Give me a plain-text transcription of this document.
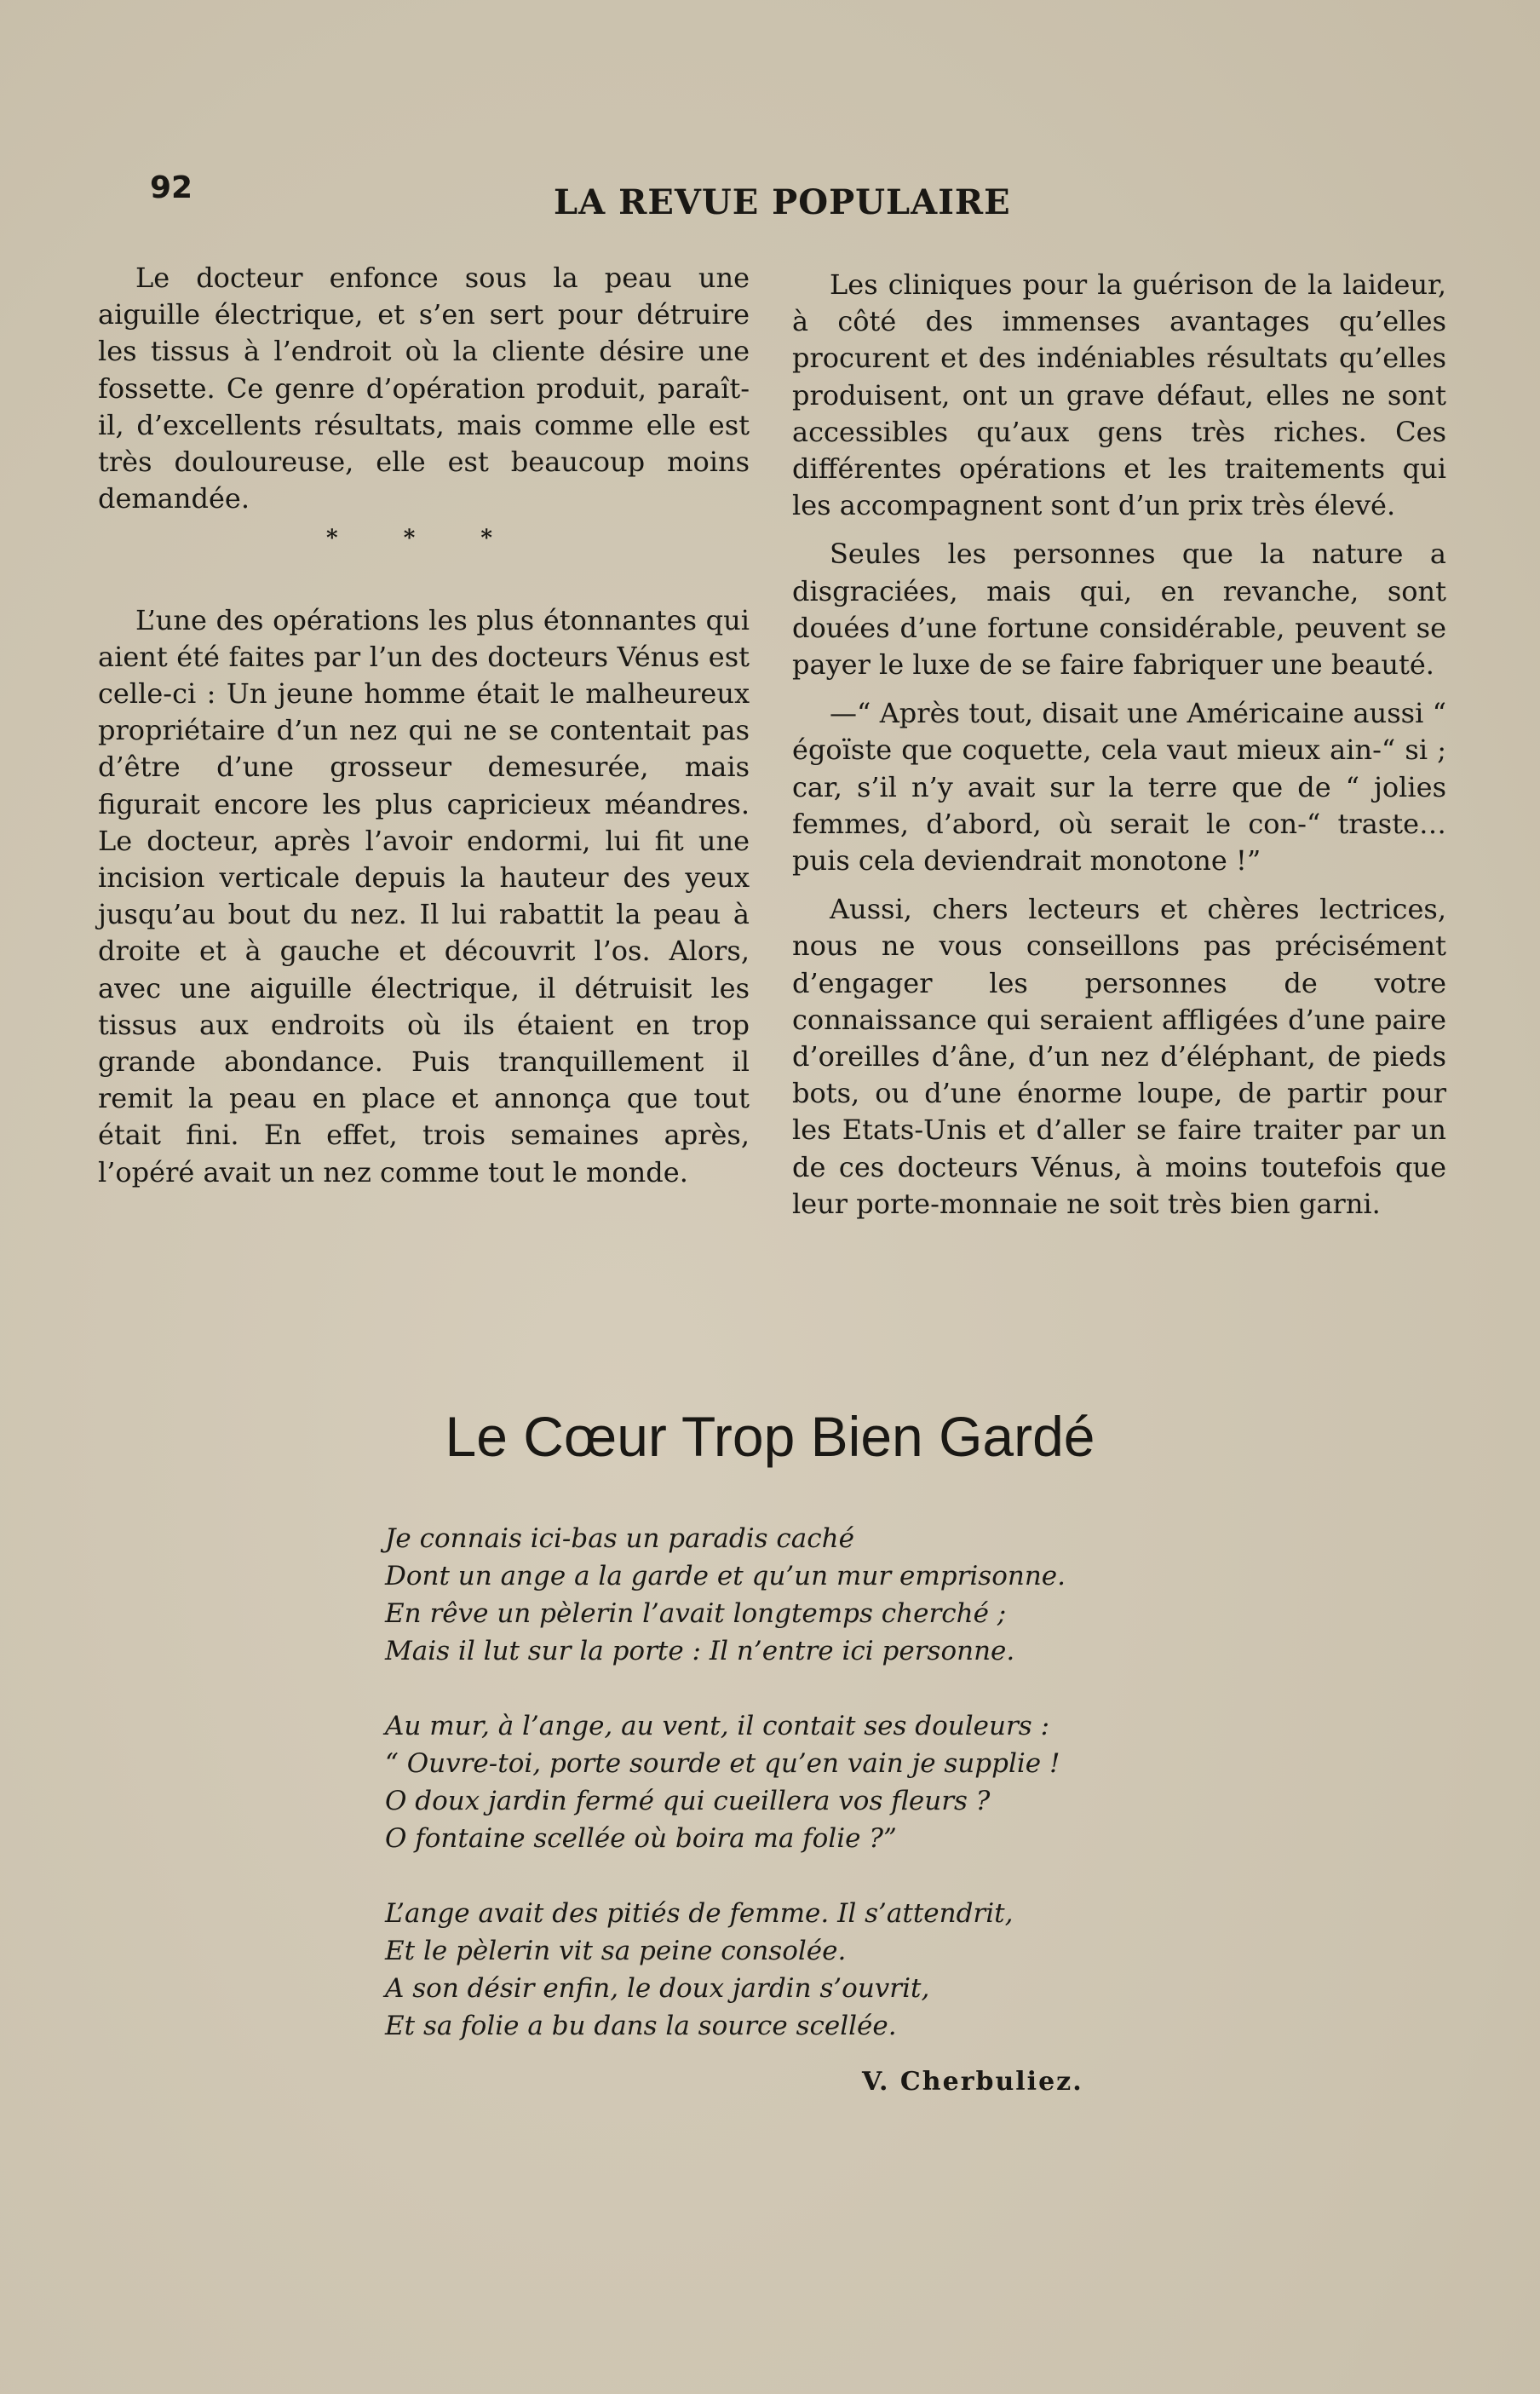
92	LA REVUE POPULAIRE

Le docteur enfonce sous la peau une aiguille électrique, et s’en sert pour détruire les tissus à l’endroit où la cliente désire une fossette. Ce genre d’opération produit, paraît-il, d’excellents résultats, mais comme elle est très douloureuse, elle est beaucoup moins demandée.

* * *

L’une des opérations les plus étonnantes qui aient été faites par l’un des docteurs Vénus est celle-ci : Un jeune homme était le malheureux propriétaire d’un nez qui ne se contentait pas d’être d’une grosseur demesurée, mais figurait encore les plus capricieux méandres. Le docteur, après l’avoir endormi, lui fit une incision verticale depuis la hauteur des yeux jusqu’au bout du nez. Il lui rabattit la peau à droite et à gauche et découvrit l’os. Alors, avec une aiguille électrique, il détruisit les tissus aux endroits où ils étaient en trop grande abondance. Puis tranquillement il remit la peau en place et annonça que tout était fini. En effet, trois semaines après, l’opéré avait un nez comme tout le monde.

Les cliniques pour la guérison de la laideur, à côté des immenses avantages qu’elles procurent et des indéniables résultats qu’elles produisent, ont un grave défaut, elles ne sont accessibles qu’aux gens très riches. Ces différentes opérations et les traitements qui les accompagnent sont d’un prix très élevé.

Seules les personnes que la nature a disgraciées, mais qui, en revanche, sont douées d’une fortune considérable, peuvent se payer le luxe de se faire fabriquer une beauté.

—“ Après tout, disait une Américaine aussi “ égoïste que coquette, cela vaut mieux ain-“ si ; car, s’il n’y avait sur la terre que de “ jolies femmes, d’abord, où serait le con-“ traste… puis cela deviendrait monotone !”

Aussi, chers lecteurs et chères lectrices, nous ne vous conseillons pas précisément d’engager les personnes de votre connaissance qui seraient affligées d’une paire d’oreilles d’âne, d’un nez d’éléphant, de pieds bots, ou d’une énorme loupe, de partir pour les Etats-Unis et d’aller se faire traiter par un de ces docteurs Vénus, à moins toutefois que leur porte-monnaie ne soit très bien garni.

Le Cœur Trop Bien Gardé
Je connais ici-bas un paradis caché
Dont un ange a la garde et qu’un mur emprisonne.
En rêve un pèlerin l’avait longtemps cherché ;
Mais il lut sur la porte : Il n’entre ici personne.
Au mur, à l’ange, au vent, il contait ses douleurs :
“ Ouvre-toi, porte sourde et qu’en vain je supplie !
O doux jardin fermé qui cueillera vos fleurs ?
O fontaine scellée où boira ma folie ?”
L’ange avait des pitiés de femme. Il s’attendrit,
Et le pèlerin vit sa peine consolée.
A son désir enfin, le doux jardin s’ouvrit,
Et sa folie a bu dans la source scellée.
V. Cherbuliez.
